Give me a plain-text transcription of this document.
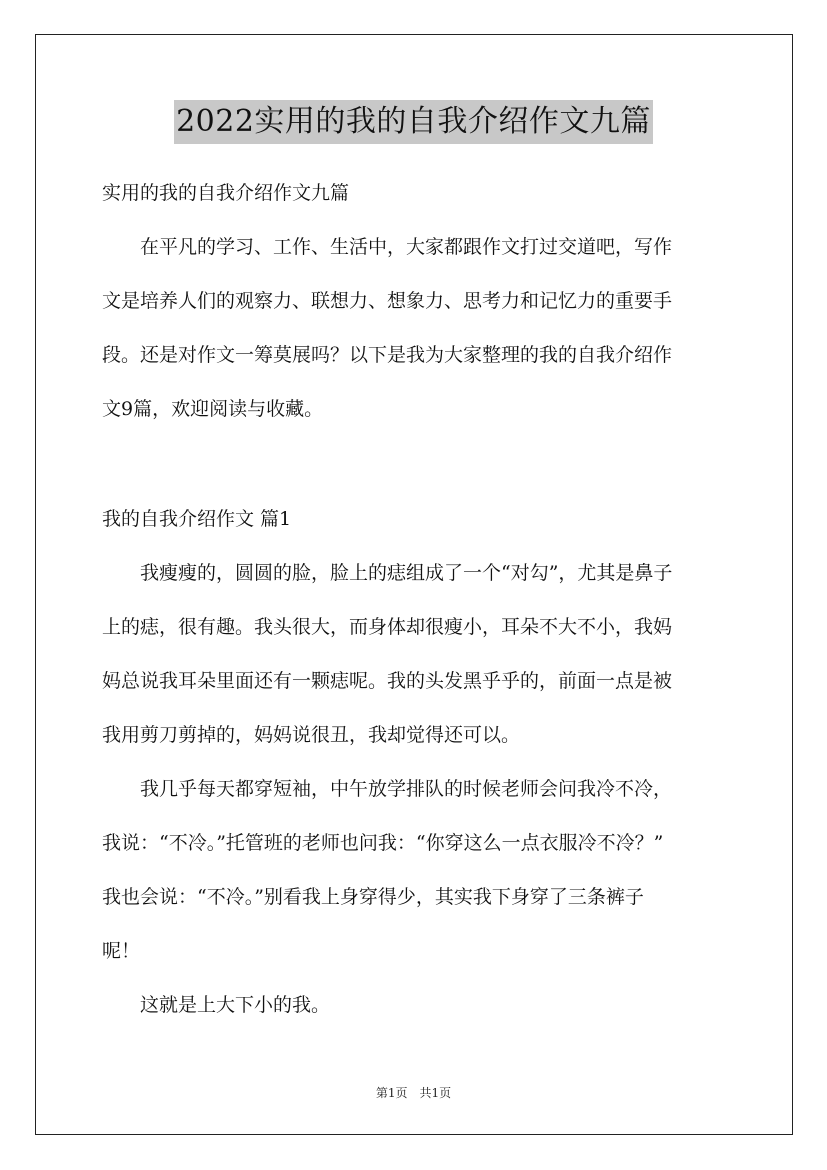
2022实用的我的自我介绍作文九篇
实用的我的自我介绍作文九篇
　　在平凡的学习、工作、生活中，大家都跟作文打过交道吧，写作
文是培养人们的观察力、联想力、想象力、思考力和记忆力的重要手
段。还是对作文一筹莫展吗？以下是我为大家整理的我的自我介绍作
文9篇，欢迎阅读与收藏。
我的自我介绍作文 篇1
　　我瘦瘦的，圆圆的脸，脸上的痣组成了一个“对勾”，尤其是鼻子
上的痣，很有趣。我头很大，而身体却很瘦小，耳朵不大不小，我妈
妈总说我耳朵里面还有一颗痣呢。我的头发黑乎乎的，前面一点是被
我用剪刀剪掉的，妈妈说很丑，我却觉得还可以。
　　我几乎每天都穿短袖，中午放学排队的时候老师会问我冷不冷，
我说：“不冷。”托管班的老师也问我：“你穿这么一点衣服冷不冷？”
我也会说：“不冷。”别看我上身穿得少，其实我下身穿了三条裤子
呢！
　　这就是上大下小的我。
第1页　共1页
